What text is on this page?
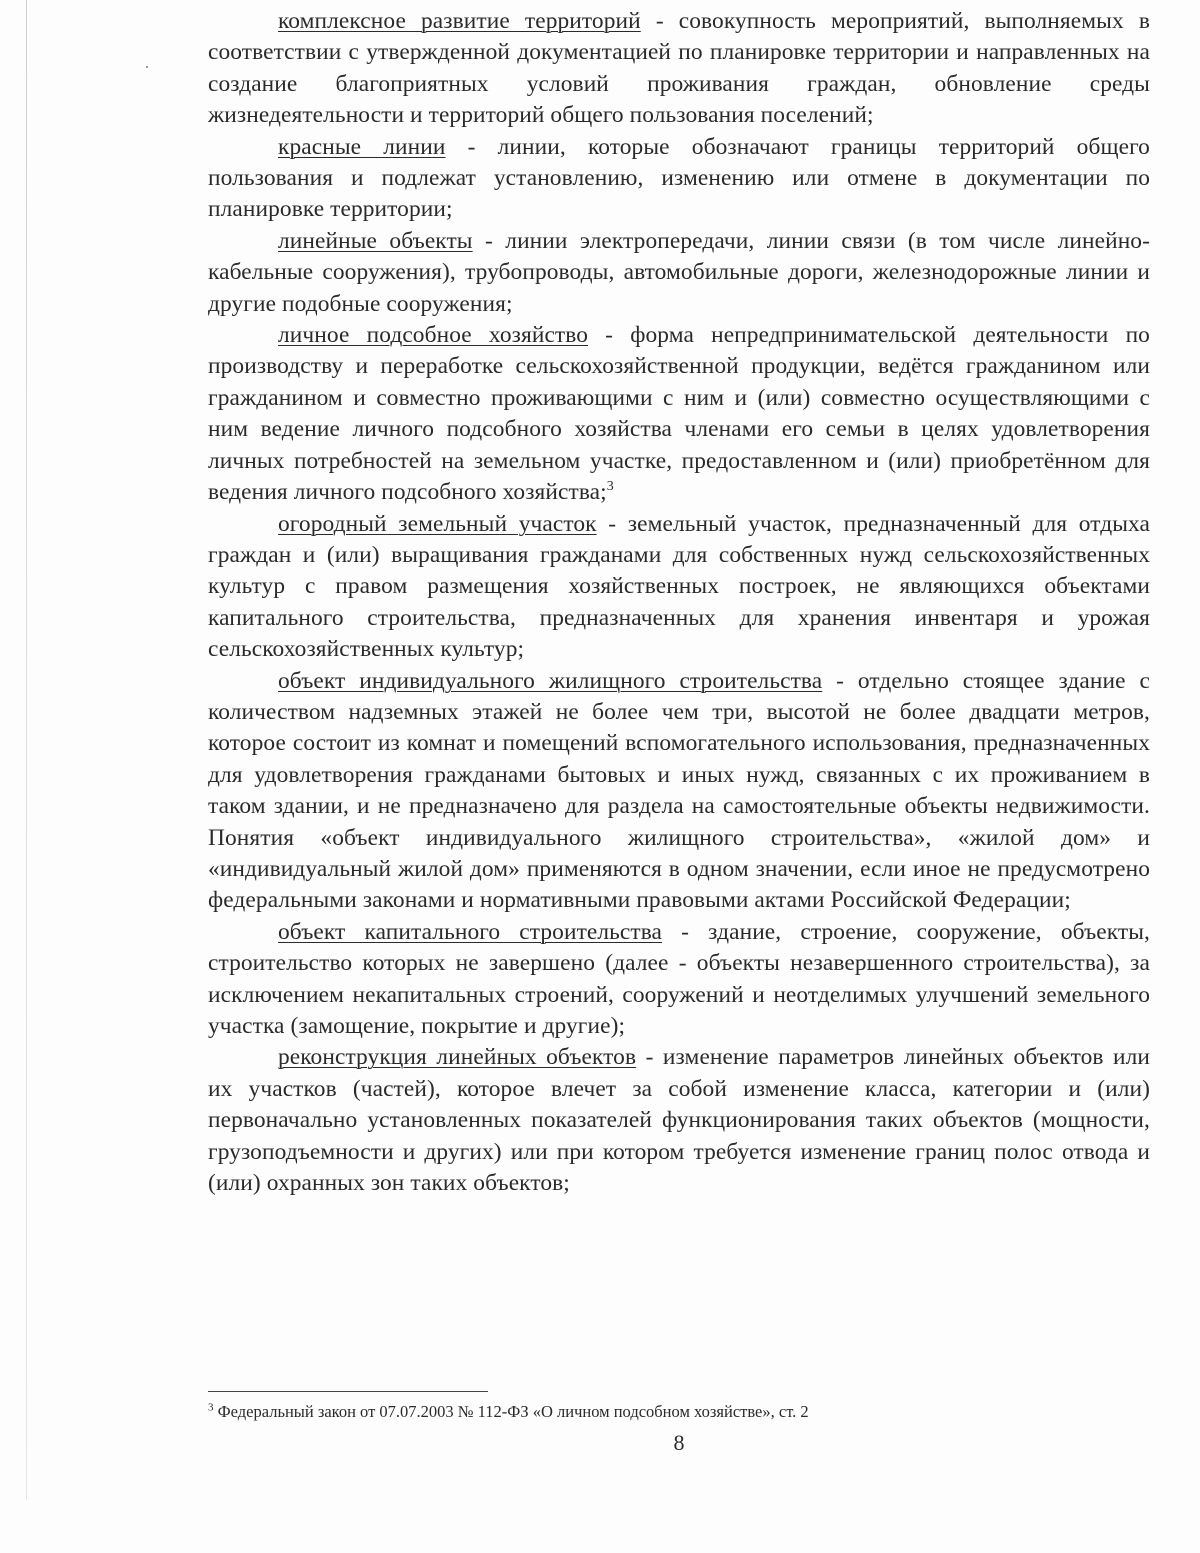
комплексное развитие территорий - совокупность мероприятий, выполняемых в соответствии с утвержденной документацией по планировке территории и направленных на создание благоприятных условий проживания граждан, обновление среды жизнедеятельности и территорий общего пользования поселений;

красные линии - линии, которые обозначают границы территорий общего пользования и подлежат установлению, изменению или отмене в документации по планировке территории;

линейные объекты - линии электропередачи, линии связи (в том числе линейно-кабельные сооружения), трубопроводы, автомобильные дороги, железнодорожные линии и другие подобные сооружения;

личное подсобное хозяйство - форма непредпринимательской деятельности по производству и переработке сельскохозяйственной продукции, ведётся гражданином или гражданином и совместно проживающими с ним и (или) совместно осуществляющими с ним ведение личного подсобного хозяйства членами его семьи в целях удовлетворения личных потребностей на земельном участке, предоставленном и (или) приобретённом для ведения личного подсобного хозяйства;$^3$

огородный земельный участок - земельный участок, предназначенный для отдыха граждан и (или) выращивания гражданами для собственных нужд сельскохозяйственных культур с правом размещения хозяйственных построек, не являющихся объектами капитального строительства, предназначенных для хранения инвентаря и урожая сельскохозяйственных культур;

объект индивидуального жилищного строительства - отдельно стоящее здание с количеством надземных этажей не более чем три, высотой не более двадцати метров, которое состоит из комнат и помещений вспомогательного использования, предназначенных для удовлетворения гражданами бытовых и иных нужд, связанных с их проживанием в таком здании, и не предназначено для раздела на самостоятельные объекты недвижимости. Понятия «объект индивидуального жилищного строительства», «жилой дом» и «индивидуальный жилой дом» применяются в одном значении, если иное не предусмотрено федеральными законами и нормативными правовыми актами Российской Федерации;

объект капитального строительства - здание, строение, сооружение, объекты, строительство которых не завершено (далее - объекты незавершенного строительства), за исключением некапитальных строений, сооружений и неотделимых улучшений земельного участка (замощение, покрытие и другие);

реконструкция линейных объектов - изменение параметров линейных объектов или их участков (частей), которое влечет за собой изменение класса, категории и (или) первоначально установленных показателей функционирования таких объектов (мощности, грузоподъемности и других) или при котором требуется изменение границ полос отвода и (или) охранных зон таких объектов;

$^3$ Федеральный закон от 07.07.2003 № 112-ФЗ «О личном подсобном хозяйстве», ст. 2
8
